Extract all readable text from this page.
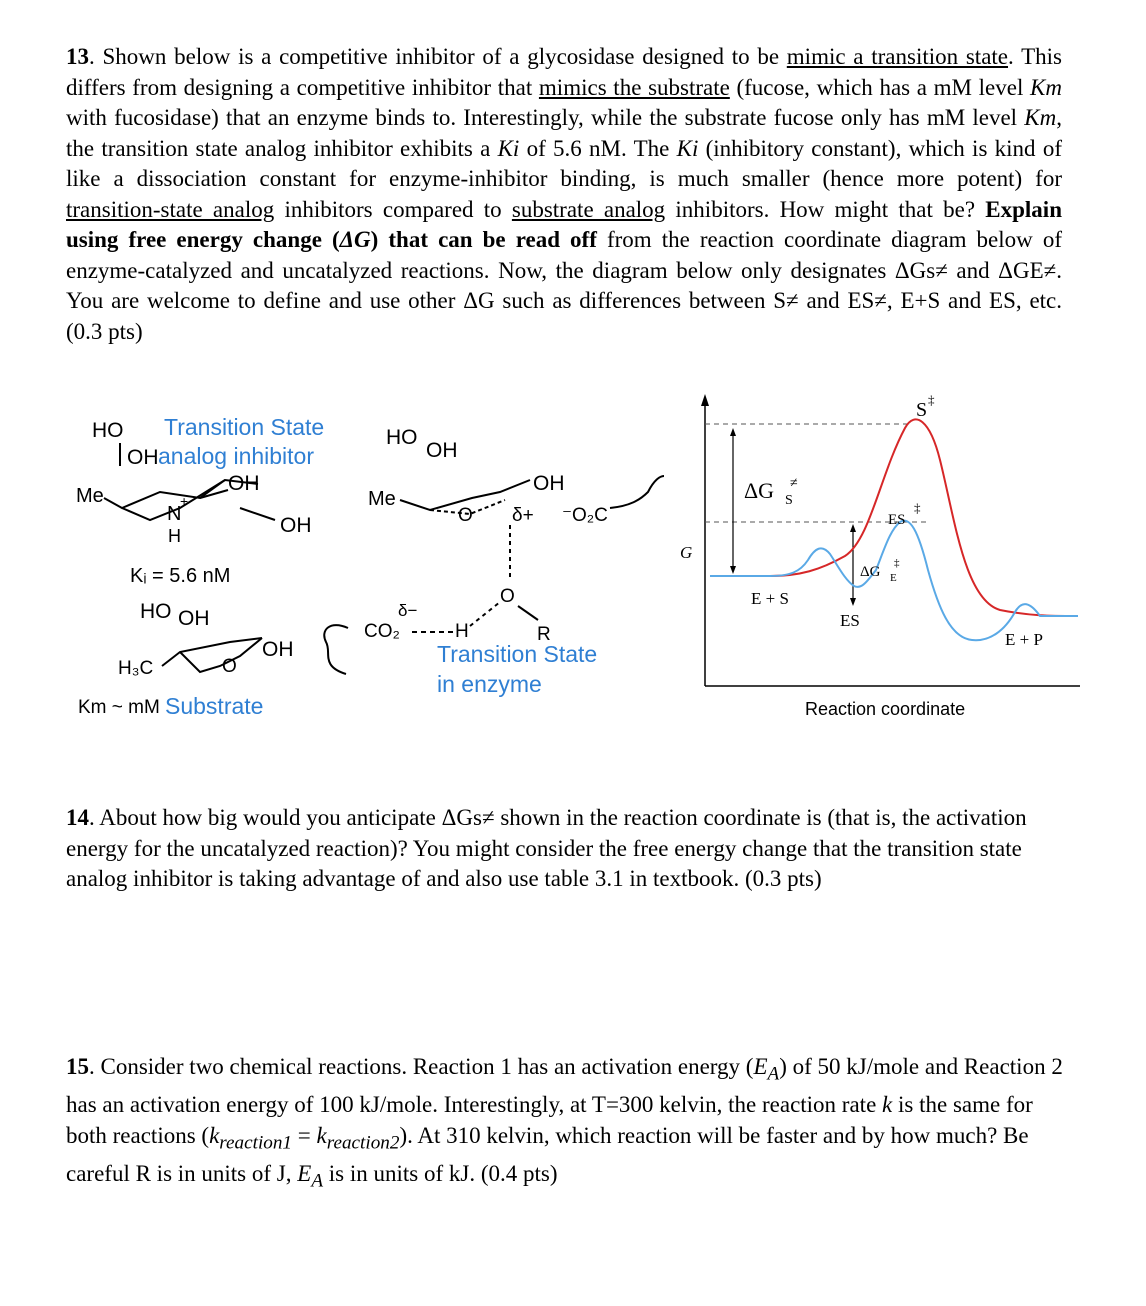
13. Shown below is a competitive inhibitor of a glycosidase designed to be mimic a transition state. This differs from designing a competitive inhibitor that mimics the substrate (fucose, which has a mM level Km with fucosidase) that an enzyme binds to. Interestingly, while the substrate fucose only has mM level Km, the transition state analog inhibitor exhibits a Ki of 5.6 nM. The Ki (inhibitory constant), which is kind of like a dissociation constant for enzyme-inhibitor binding, is much smaller (hence more potent) for transition-state analog inhibitors compared to substrate analog inhibitors. How might that be? Explain using free energy change (ΔG) that can be read off from the reaction coordinate diagram below of enzyme-catalyzed and uncatalyzed reactions. Now, the diagram below only designates ΔGs≠ and ΔGE≠. You are welcome to define and use other ΔG such as differences between S≠ and ES≠, E+S and ES, etc. (0.3 pts)
HO Transition State
OH analog inhibitor
Me
OH
N
+
H	OH
Kᵢ = 5.6 nM
HO OH
H₃C	O
OH
Km ~ mM Substrate
HO
OH
Me
OH
O δ+ ⁻O₂C
O
R
δ−
CO₂	H
Transition State
in enzyme
G
Reaction coordinate
S ‡
ES
‡
ΔG S
≠
ΔG E
‡
E + S
ES
E + P
14. About how big would you anticipate ΔGs≠ shown in the reaction coordinate is (that is, the activation energy for the uncatalyzed reaction)? You might consider the free energy change that the transition state analog inhibitor is taking advantage of and also use table 3.1 in textbook. (0.3 pts)
15. Consider two chemical reactions. Reaction 1 has an activation energy $(E_A)$ of 50 kJ/mole and Reaction 2 has an activation energy of 100 kJ/mole. Interestingly, at T=300 kelvin, the reaction rate k is the same for both reactions $(k_{reaction1} = k_{reaction2})$. At 310 kelvin, which reaction will be faster and by how much? Be careful R is in units of J, $E_A$ is in units of kJ. (0.4 pts)
